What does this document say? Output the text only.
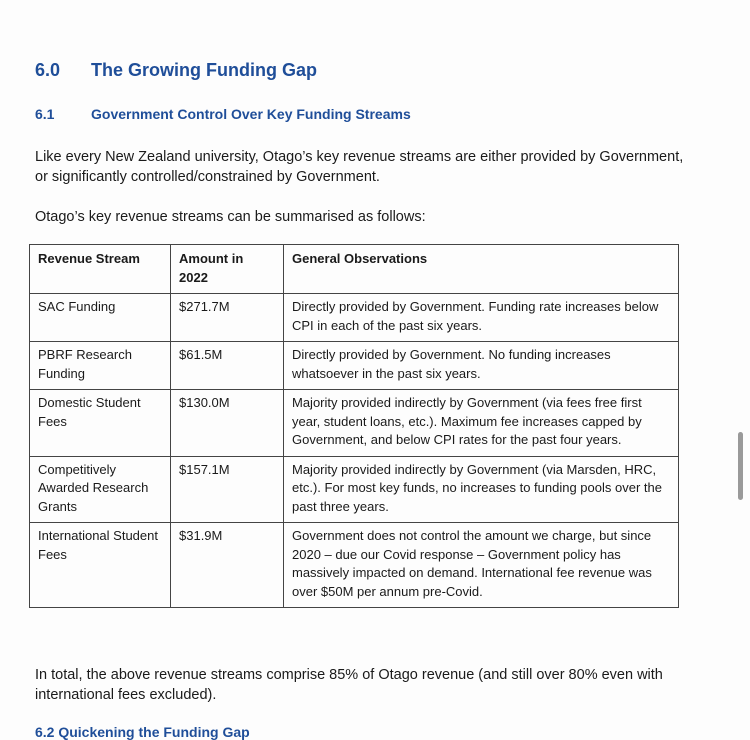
6.0 The Growing Funding Gap
6.1	Government Control Over Key Funding Streams
Like every New Zealand university, Otago’s key revenue streams are either provided by Government,
or significantly controlled/constrained by Government.
Otago’s key revenue streams can be summarised as follows:
Revenue Stream	Amount in 2022	General Observations
SAC Funding	$271.7M	Directly provided by Government. Funding rate increases below CPI in each of the past six years.
PBRF Research Funding	$61.5M	Directly provided by Government. No funding increases whatsoever in the past six years.
Domestic Student Fees	$130.0M	Majority provided indirectly by Government (via fees free first year, student loans, etc.). Maximum fee increases capped by Government, and below CPI rates for the past four years.
Competitively Awarded Research Grants	$157.1M	Majority provided indirectly by Government (via Marsden, HRC, etc.). For most key funds, no increases to funding pools over the past three years.
International Student Fees	$31.9M	Government does not control the amount we charge, but since 2020 – due our Covid response – Government policy has massively impacted on demand. International fee revenue was over $50M per annum pre-Covid.
In total, the above revenue streams comprise 85% of Otago revenue (and still over 80% even with
international fees excluded).
6.2 Quickening the Funding Gap
